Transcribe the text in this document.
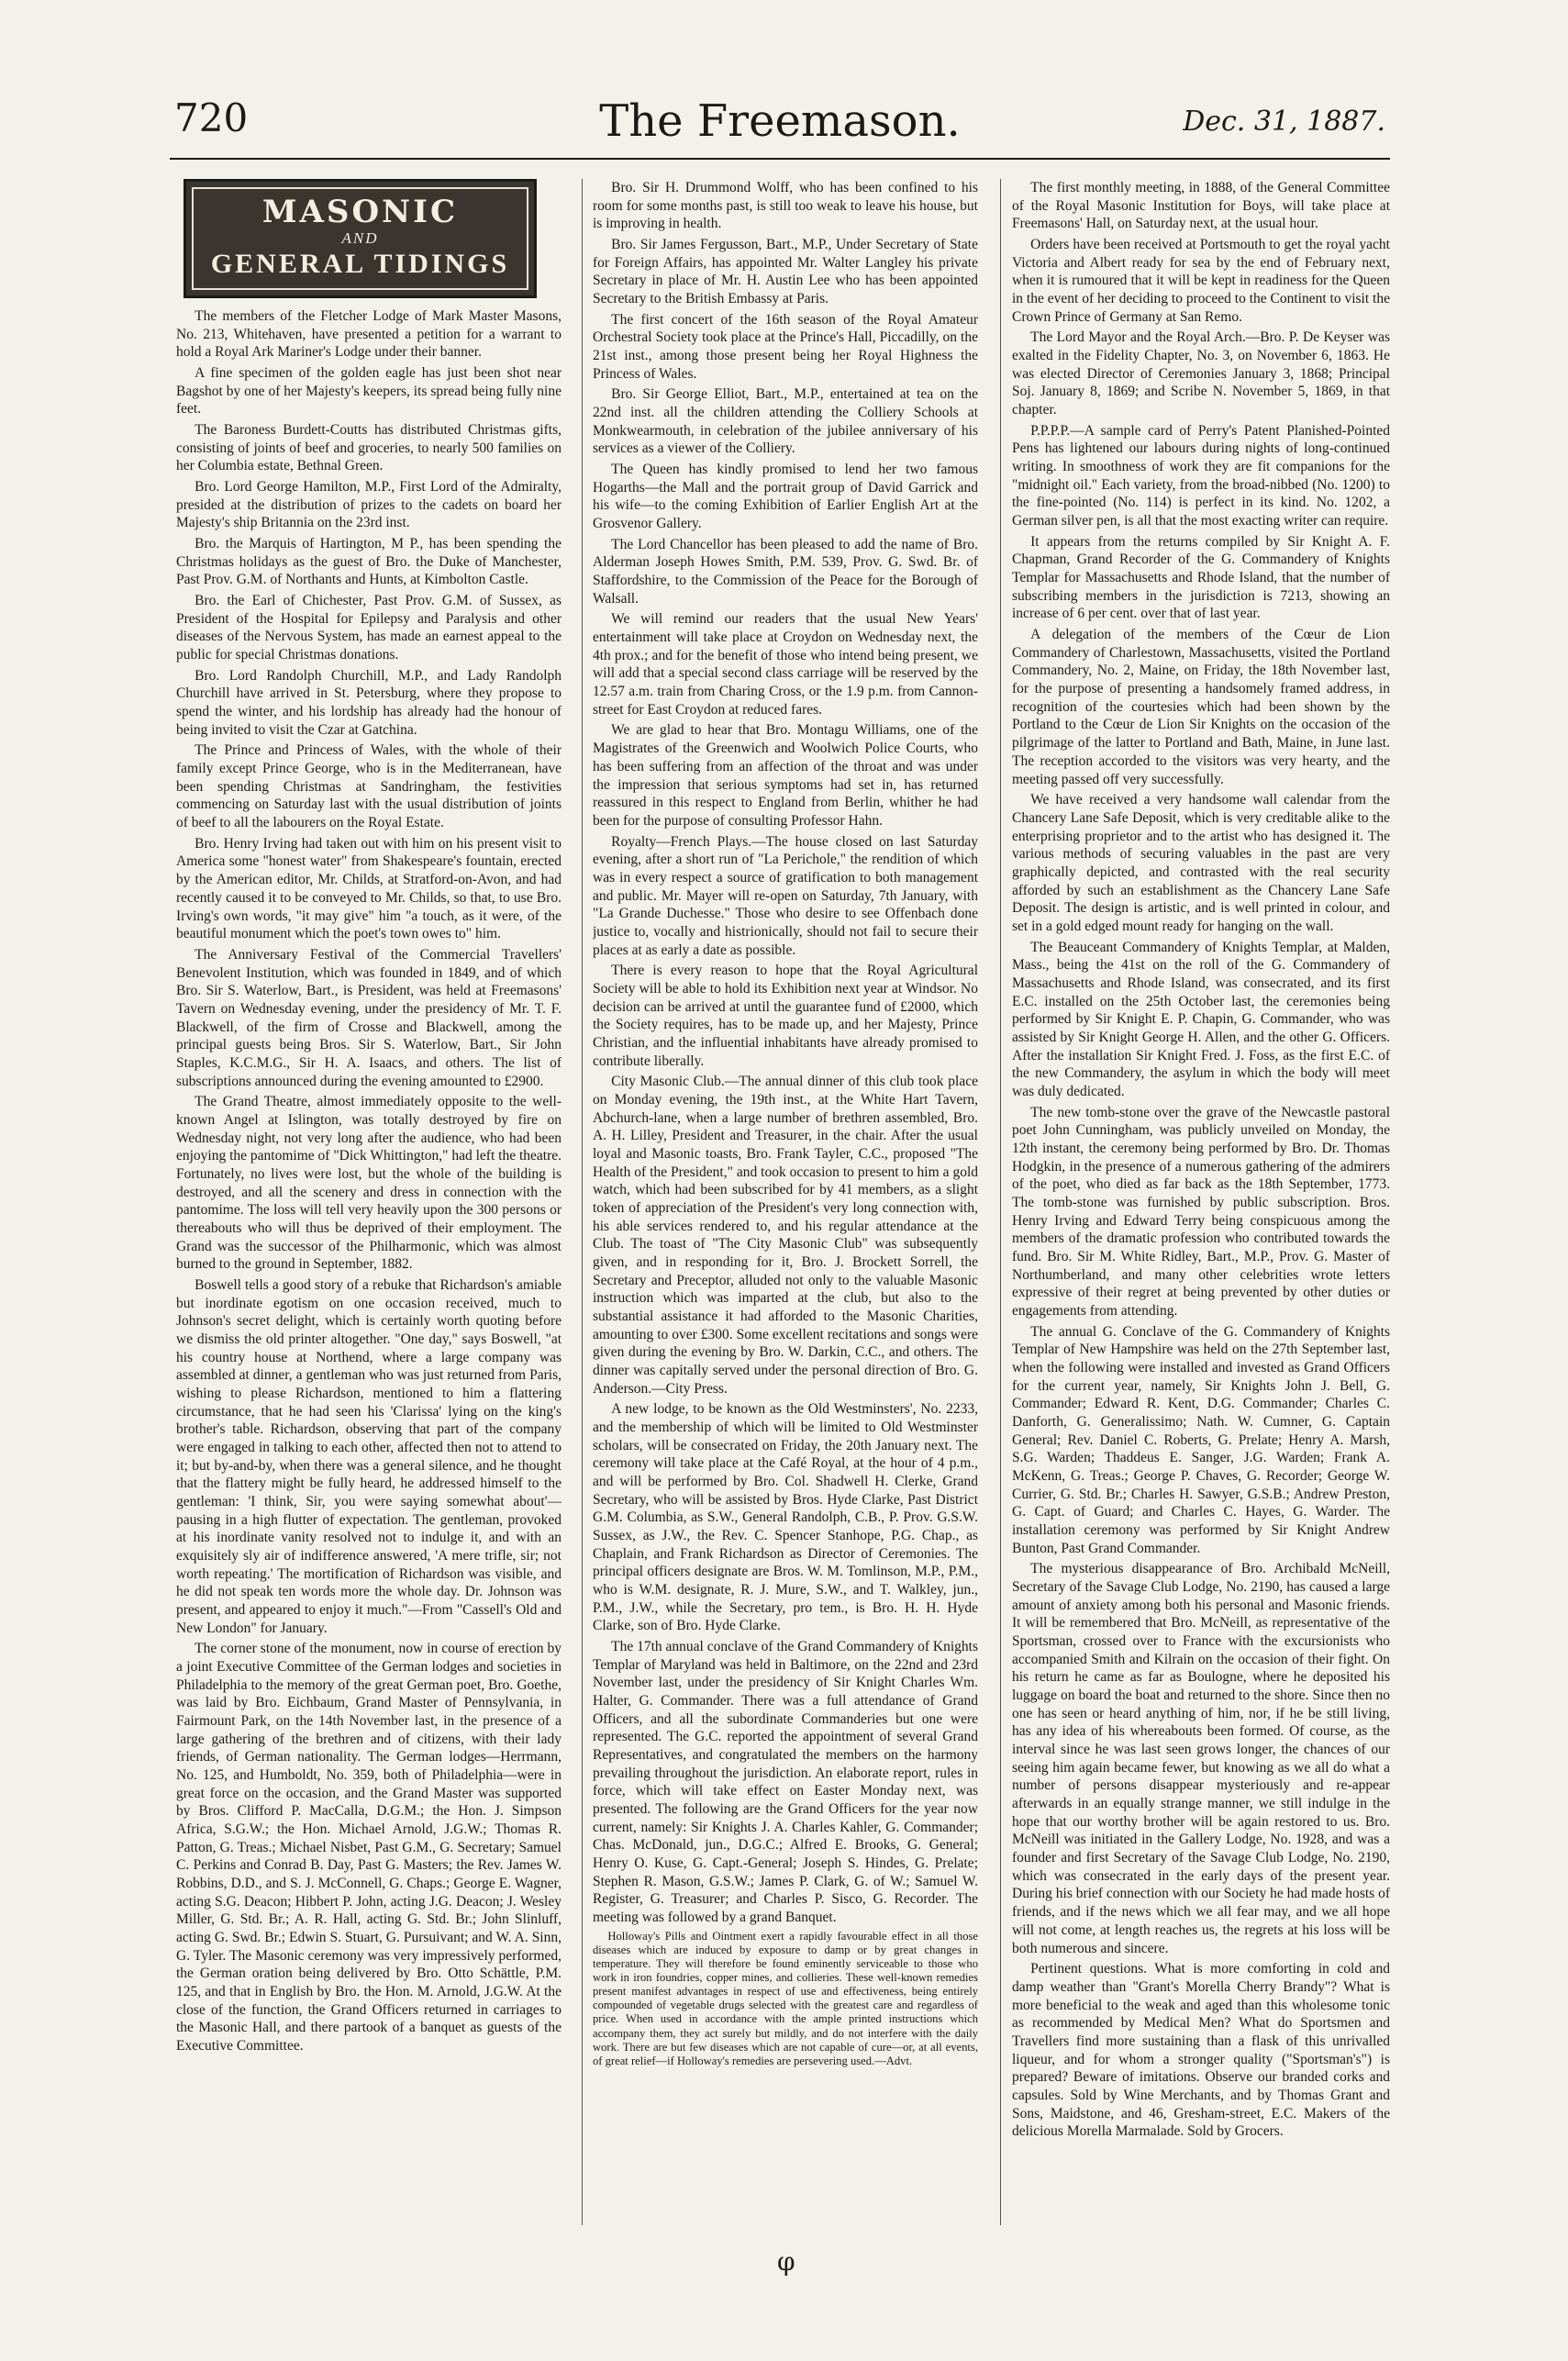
720	The Freemason.	Dec. 31, 1887.
MASONIC
AND
GENERAL TIDINGS

The members of the Fletcher Lodge of Mark Master Masons, No. 213, Whitehaven, have presented a petition for a warrant to hold a Royal Ark Mariner's Lodge under their banner.

A fine specimen of the golden eagle has just been shot near Bagshot by one of her Majesty's keepers, its spread being fully nine feet.

The Baroness Burdett-Coutts has distributed Christmas gifts, consisting of joints of beef and groceries, to nearly 500 families on her Columbia estate, Bethnal Green.

Bro. Lord George Hamilton, M.P., First Lord of the Admiralty, presided at the distribution of prizes to the cadets on board her Majesty's ship Britannia on the 23rd inst.

Bro. the Marquis of Hartington, M P., has been spending the Christmas holidays as the guest of Bro. the Duke of Manchester, Past Prov. G.M. of Northants and Hunts, at Kimbolton Castle.

Bro. the Earl of Chichester, Past Prov. G.M. of Sussex, as President of the Hospital for Epilepsy and Paralysis and other diseases of the Nervous System, has made an earnest appeal to the public for special Christmas donations.

Bro. Lord Randolph Churchill, M.P., and Lady Randolph Churchill have arrived in St. Petersburg, where they propose to spend the winter, and his lordship has already had the honour of being invited to visit the Czar at Gatchina.

The Prince and Princess of Wales, with the whole of their family except Prince George, who is in the Mediterranean, have been spending Christmas at Sandringham, the festivities commencing on Saturday last with the usual distribution of joints of beef to all the labourers on the Royal Estate.

Bro. Henry Irving had taken out with him on his present visit to America some "honest water" from Shakespeare's fountain, erected by the American editor, Mr. Childs, at Stratford-on-Avon, and had recently caused it to be conveyed to Mr. Childs, so that, to use Bro. Irving's own words, "it may give" him "a touch, as it were, of the beautiful monument which the poet's town owes to" him.

The Anniversary Festival of the Commercial Travellers' Benevolent Institution, which was founded in 1849, and of which Bro. Sir S. Waterlow, Bart., is President, was held at Freemasons' Tavern on Wednesday evening, under the presidency of Mr. T. F. Blackwell, of the firm of Crosse and Blackwell, among the principal guests being Bros. Sir S. Waterlow, Bart., Sir John Staples, K.C.M.G., Sir H. A. Isaacs, and others. The list of subscriptions announced during the evening amounted to £2900.

The Grand Theatre, almost immediately opposite to the well-known Angel at Islington, was totally destroyed by fire on Wednesday night, not very long after the audience, who had been enjoying the pantomime of "Dick Whittington," had left the theatre. Fortunately, no lives were lost, but the whole of the building is destroyed, and all the scenery and dress in connection with the pantomime. The loss will tell very heavily upon the 300 persons or thereabouts who will thus be deprived of their employment. The Grand was the successor of the Philharmonic, which was almost burned to the ground in September, 1882.

Boswell tells a good story of a rebuke that Richardson's amiable but inordinate egotism on one occasion received, much to Johnson's secret delight, which is certainly worth quoting before we dismiss the old printer altogether. "One day," says Boswell, "at his country house at Northend, where a large company was assembled at dinner, a gentleman who was just returned from Paris, wishing to please Richardson, mentioned to him a flattering circumstance, that he had seen his 'Clarissa' lying on the king's brother's table. Richardson, observing that part of the company were engaged in talking to each other, affected then not to attend to it; but by-and-by, when there was a general silence, and he thought that the flattery might be fully heard, he addressed himself to the gentleman: 'I think, Sir, you were saying somewhat about'—pausing in a high flutter of expectation. The gentleman, provoked at his inordinate vanity resolved not to indulge it, and with an exquisitely sly air of indifference answered, 'A mere trifle, sir; not worth repeating.' The mortification of Richardson was visible, and he did not speak ten words more the whole day. Dr. Johnson was present, and appeared to enjoy it much."—From "Cassell's Old and New London" for January.

The corner stone of the monument, now in course of erection by a joint Executive Committee of the German lodges and societies in Philadelphia to the memory of the great German poet, Bro. Goethe, was laid by Bro. Eichbaum, Grand Master of Pennsylvania, in Fairmount Park, on the 14th November last, in the presence of a large gathering of the brethren and of citizens, with their lady friends, of German nationality. The German lodges—Herrmann, No. 125, and Humboldt, No. 359, both of Philadelphia—were in great force on the occasion, and the Grand Master was supported by Bros. Clifford P. MacCalla, D.G.M.; the Hon. J. Simpson Africa, S.G.W.; the Hon. Michael Arnold, J.G.W.; Thomas R. Patton, G. Treas.; Michael Nisbet, Past G.M., G. Secretary; Samuel C. Perkins and Conrad B. Day, Past G. Masters; the Rev. James W. Robbins, D.D., and S. J. McConnell, G. Chaps.; George E. Wagner, acting S.G. Deacon; Hibbert P. John, acting J.G. Deacon; J. Wesley Miller, G. Std. Br.; A. R. Hall, acting G. Std. Br.; John Slinluff, acting G. Swd. Br.; Edwin S. Stuart, G. Pursuivant; and W. A. Sinn, G. Tyler. The Masonic ceremony was very impressively performed, the German oration being delivered by Bro. Otto Schättle, P.M. 125, and that in English by Bro. the Hon. M. Arnold, J.G.W. At the close of the function, the Grand Officers returned in carriages to the Masonic Hall, and there partook of a banquet as guests of the Executive Committee.

Bro. Sir H. Drummond Wolff, who has been confined to his room for some months past, is still too weak to leave his house, but is improving in health.

Bro. Sir James Fergusson, Bart., M.P., Under Secretary of State for Foreign Affairs, has appointed Mr. Walter Langley his private Secretary in place of Mr. H. Austin Lee who has been appointed Secretary to the British Embassy at Paris.

The first concert of the 16th season of the Royal Amateur Orchestral Society took place at the Prince's Hall, Piccadilly, on the 21st inst., among those present being her Royal Highness the Princess of Wales.

Bro. Sir George Elliot, Bart., M.P., entertained at tea on the 22nd inst. all the children attending the Colliery Schools at Monkwearmouth, in celebration of the jubilee anniversary of his services as a viewer of the Colliery.

The Queen has kindly promised to lend her two famous Hogarths—the Mall and the portrait group of David Garrick and his wife—to the coming Exhibition of Earlier English Art at the Grosvenor Gallery.

The Lord Chancellor has been pleased to add the name of Bro. Alderman Joseph Howes Smith, P.M. 539, Prov. G. Swd. Br. of Staffordshire, to the Commission of the Peace for the Borough of Walsall.

We will remind our readers that the usual New Years' entertainment will take place at Croydon on Wednesday next, the 4th prox.; and for the benefit of those who intend being present, we will add that a special second class carriage will be reserved by the 12.57 a.m. train from Charing Cross, or the 1.9 p.m. from Cannon-street for East Croydon at reduced fares.

We are glad to hear that Bro. Montagu Williams, one of the Magistrates of the Greenwich and Woolwich Police Courts, who has been suffering from an affection of the throat and was under the impression that serious symptoms had set in, has returned reassured in this respect to England from Berlin, whither he had been for the purpose of consulting Professor Hahn.

Royalty—French Plays.—The house closed on last Saturday evening, after a short run of "La Perichole," the rendition of which was in every respect a source of gratification to both management and public. Mr. Mayer will re-open on Saturday, 7th January, with "La Grande Duchesse." Those who desire to see Offenbach done justice to, vocally and histrionically, should not fail to secure their places at as early a date as possible.

There is every reason to hope that the Royal Agricultural Society will be able to hold its Exhibition next year at Windsor. No decision can be arrived at until the guarantee fund of £2000, which the Society requires, has to be made up, and her Majesty, Prince Christian, and the influential inhabitants have already promised to contribute liberally.

City Masonic Club.—The annual dinner of this club took place on Monday evening, the 19th inst., at the White Hart Tavern, Abchurch-lane, when a large number of brethren assembled, Bro. A. H. Lilley, President and Treasurer, in the chair. After the usual loyal and Masonic toasts, Bro. Frank Tayler, C.C., proposed "The Health of the President," and took occasion to present to him a gold watch, which had been subscribed for by 41 members, as a slight token of appreciation of the President's very long connection with, his able services rendered to, and his regular attendance at the Club. The toast of "The City Masonic Club" was subsequently given, and in responding for it, Bro. J. Brockett Sorrell, the Secretary and Preceptor, alluded not only to the valuable Masonic instruction which was imparted at the club, but also to the substantial assistance it had afforded to the Masonic Charities, amounting to over £300. Some excellent recitations and songs were given during the evening by Bro. W. Darkin, C.C., and others. The dinner was capitally served under the personal direction of Bro. G. Anderson.—City Press.

A new lodge, to be known as the Old Westminsters', No. 2233, and the membership of which will be limited to Old Westminster scholars, will be consecrated on Friday, the 20th January next. The ceremony will take place at the Café Royal, at the hour of 4 p.m., and will be performed by Bro. Col. Shadwell H. Clerke, Grand Secretary, who will be assisted by Bros. Hyde Clarke, Past District G.M. Columbia, as S.W., General Randolph, C.B., P. Prov. G.S.W. Sussex, as J.W., the Rev. C. Spencer Stanhope, P.G. Chap., as Chaplain, and Frank Richardson as Director of Ceremonies. The principal officers designate are Bros. W. M. Tomlinson, M.P., P.M., who is W.M. designate, R. J. Mure, S.W., and T. Walkley, jun., P.M., J.W., while the Secretary, pro tem., is Bro. H. H. Hyde Clarke, son of Bro. Hyde Clarke.

The 17th annual conclave of the Grand Commandery of Knights Templar of Maryland was held in Baltimore, on the 22nd and 23rd November last, under the presidency of Sir Knight Charles Wm. Halter, G. Commander. There was a full attendance of Grand Officers, and all the subordinate Commanderies but one were represented. The G.C. reported the appointment of several Grand Representatives, and congratulated the members on the harmony prevailing throughout the jurisdiction. An elaborate report, rules in force, which will take effect on Easter Monday next, was presented. The following are the Grand Officers for the year now current, namely: Sir Knights J. A. Charles Kahler, G. Commander; Chas. McDonald, jun., D.G.C.; Alfred E. Brooks, G. General; Henry O. Kuse, G. Capt.-General; Joseph S. Hindes, G. Prelate; Stephen R. Mason, G.S.W.; James P. Clark, G. of W.; Samuel W. Register, G. Treasurer; and Charles P. Sisco, G. Recorder. The meeting was followed by a grand Banquet.

Holloway's Pills and Ointment exert a rapidly favourable effect in all those diseases which are induced by exposure to damp or by great changes in temperature. They will therefore be found eminently serviceable to those who work in iron foundries, copper mines, and collieries. These well-known remedies present manifest advantages in respect of use and effectiveness, being entirely compounded of vegetable drugs selected with the greatest care and regardless of price. When used in accordance with the ample printed instructions which accompany them, they act surely but mildly, and do not interfere with the daily work. There are but few diseases which are not capable of cure—or, at all events, of great relief—if Holloway's remedies are persevering used.—Advt.

The first monthly meeting, in 1888, of the General Committee of the Royal Masonic Institution for Boys, will take place at Freemasons' Hall, on Saturday next, at the usual hour.

Orders have been received at Portsmouth to get the royal yacht Victoria and Albert ready for sea by the end of February next, when it is rumoured that it will be kept in readiness for the Queen in the event of her deciding to proceed to the Continent to visit the Crown Prince of Germany at San Remo.

The Lord Mayor and the Royal Arch.—Bro. P. De Keyser was exalted in the Fidelity Chapter, No. 3, on November 6, 1863. He was elected Director of Ceremonies January 3, 1868; Principal Soj. January 8, 1869; and Scribe N. November 5, 1869, in that chapter.

P.P.P.P.—A sample card of Perry's Patent Planished-Pointed Pens has lightened our labours during nights of long-continued writing. In smoothness of work they are fit companions for the "midnight oil." Each variety, from the broad-nibbed (No. 1200) to the fine-pointed (No. 114) is perfect in its kind. No. 1202, a German silver pen, is all that the most exacting writer can require.

It appears from the returns compiled by Sir Knight A. F. Chapman, Grand Recorder of the G. Commandery of Knights Templar for Massachusetts and Rhode Island, that the number of subscribing members in the jurisdiction is 7213, showing an increase of 6 per cent. over that of last year.

A delegation of the members of the Cœur de Lion Commandery of Charlestown, Massachusetts, visited the Portland Commandery, No. 2, Maine, on Friday, the 18th November last, for the purpose of presenting a handsomely framed address, in recognition of the courtesies which had been shown by the Portland to the Cœur de Lion Sir Knights on the occasion of the pilgrimage of the latter to Portland and Bath, Maine, in June last. The reception accorded to the visitors was very hearty, and the meeting passed off very successfully.

We have received a very handsome wall calendar from the Chancery Lane Safe Deposit, which is very creditable alike to the enterprising proprietor and to the artist who has designed it. The various methods of securing valuables in the past are very graphically depicted, and contrasted with the real security afforded by such an establishment as the Chancery Lane Safe Deposit. The design is artistic, and is well printed in colour, and set in a gold edged mount ready for hanging on the wall.

The Beauceant Commandery of Knights Templar, at Malden, Mass., being the 41st on the roll of the G. Commandery of Massachusetts and Rhode Island, was consecrated, and its first E.C. installed on the 25th October last, the ceremonies being performed by Sir Knight E. P. Chapin, G. Commander, who was assisted by Sir Knight George H. Allen, and the other G. Officers. After the installation Sir Knight Fred. J. Foss, as the first E.C. of the new Commandery, the asylum in which the body will meet was duly dedicated.

The new tomb-stone over the grave of the Newcastle pastoral poet John Cunningham, was publicly unveiled on Monday, the 12th instant, the ceremony being performed by Bro. Dr. Thomas Hodgkin, in the presence of a numerous gathering of the admirers of the poet, who died as far back as the 18th September, 1773. The tomb-stone was furnished by public subscription. Bros. Henry Irving and Edward Terry being conspicuous among the members of the dramatic profession who contributed towards the fund. Bro. Sir M. White Ridley, Bart., M.P., Prov. G. Master of Northumberland, and many other celebrities wrote letters expressive of their regret at being prevented by other duties or engagements from attending.

The annual G. Conclave of the G. Commandery of Knights Templar of New Hampshire was held on the 27th September last, when the following were installed and invested as Grand Officers for the current year, namely, Sir Knights John J. Bell, G. Commander; Edward R. Kent, D.G. Commander; Charles C. Danforth, G. Generalissimo; Nath. W. Cumner, G. Captain General; Rev. Daniel C. Roberts, G. Prelate; Henry A. Marsh, S.G. Warden; Thaddeus E. Sanger, J.G. Warden; Frank A. McKenn, G. Treas.; George P. Chaves, G. Recorder; George W. Currier, G. Std. Br.; Charles H. Sawyer, G.S.B.; Andrew Preston, G. Capt. of Guard; and Charles C. Hayes, G. Warder. The installation ceremony was performed by Sir Knight Andrew Bunton, Past Grand Commander.

The mysterious disappearance of Bro. Archibald McNeill, Secretary of the Savage Club Lodge, No. 2190, has caused a large amount of anxiety among both his personal and Masonic friends. It will be remembered that Bro. McNeill, as representative of the Sportsman, crossed over to France with the excursionists who accompanied Smith and Kilrain on the occasion of their fight. On his return he came as far as Boulogne, where he deposited his luggage on board the boat and returned to the shore. Since then no one has seen or heard anything of him, nor, if he be still living, has any idea of his whereabouts been formed. Of course, as the interval since he was last seen grows longer, the chances of our seeing him again became fewer, but knowing as we all do what a number of persons disappear mysteriously and re-appear afterwards in an equally strange manner, we still indulge in the hope that our worthy brother will be again restored to us. Bro. McNeill was initiated in the Gallery Lodge, No. 1928, and was a founder and first Secretary of the Savage Club Lodge, No. 2190, which was consecrated in the early days of the present year. During his brief connection with our Society he had made hosts of friends, and if the news which we all fear may, and we all hope will not come, at length reaches us, the regrets at his loss will be both numerous and sincere.

Pertinent questions. What is more comforting in cold and damp weather than "Grant's Morella Cherry Brandy"? What is more beneficial to the weak and aged than this wholesome tonic as recommended by Medical Men? What do Sportsmen and Travellers find more sustaining than a flask of this unrivalled liqueur, and for whom a stronger quality ("Sportsman's") is prepared? Beware of imitations. Observe our branded corks and capsules. Sold by Wine Merchants, and by Thomas Grant and Sons, Maidstone, and 46, Gresham-street, E.C. Makers of the delicious Morella Marmalade. Sold by Grocers.

φ
